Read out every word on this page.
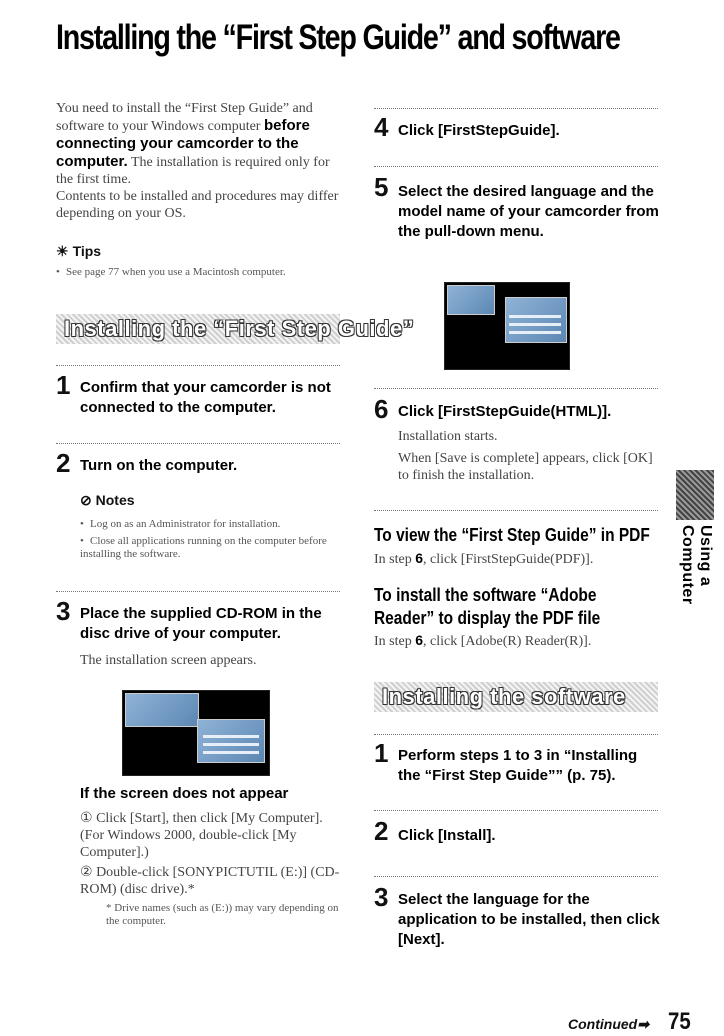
Installing the “First Step Guide” and software
You need to install the “First Step Guide” and software to your Windows computer before connecting your camcorder to the computer. The installation is required only for the first time.
Contents to be installed and procedures may differ depending on your OS.
☀ Tips
• See page 77 when you use a Macintosh computer.
Installing the “First Step Guide”
1 Confirm that your camcorder is not connected to the computer.
2 Turn on the computer.
⊘ Notes
• Log on as an Administrator for installation.
• Close all applications running on the computer before installing the software.
3 Place the supplied CD-ROM in the disc drive of your computer.
The installation screen appears.
If the screen does not appear
① Click [Start], then click [My Computer]. (For Windows 2000, double-click [My Computer].)
② Double-click [SONYPICTUTIL (E:)] (CD-ROM) (disc drive).*
* Drive names (such as (E:)) may vary depending on the computer.
4 Click [FirstStepGuide].
5 Select the desired language and the model name of your camcorder from the pull-down menu.
6 Click [FirstStepGuide(HTML)].
Installation starts.
When [Save is complete] appears, click [OK] to finish the installation.
To view the “First Step Guide” in PDF
In step 6, click [FirstStepGuide(PDF)].
To install the software “Adobe
Reader” to display the PDF file
In step 6, click [Adobe(R) Reader(R)].
Installing the software
1 Perform steps 1 to 3 in “Installing the “First Step Guide”” (p. 75).
2 Click [Install].
3 Select the language for the application to be installed, then click [Next].
Using a Computer
Continued➡ 75
